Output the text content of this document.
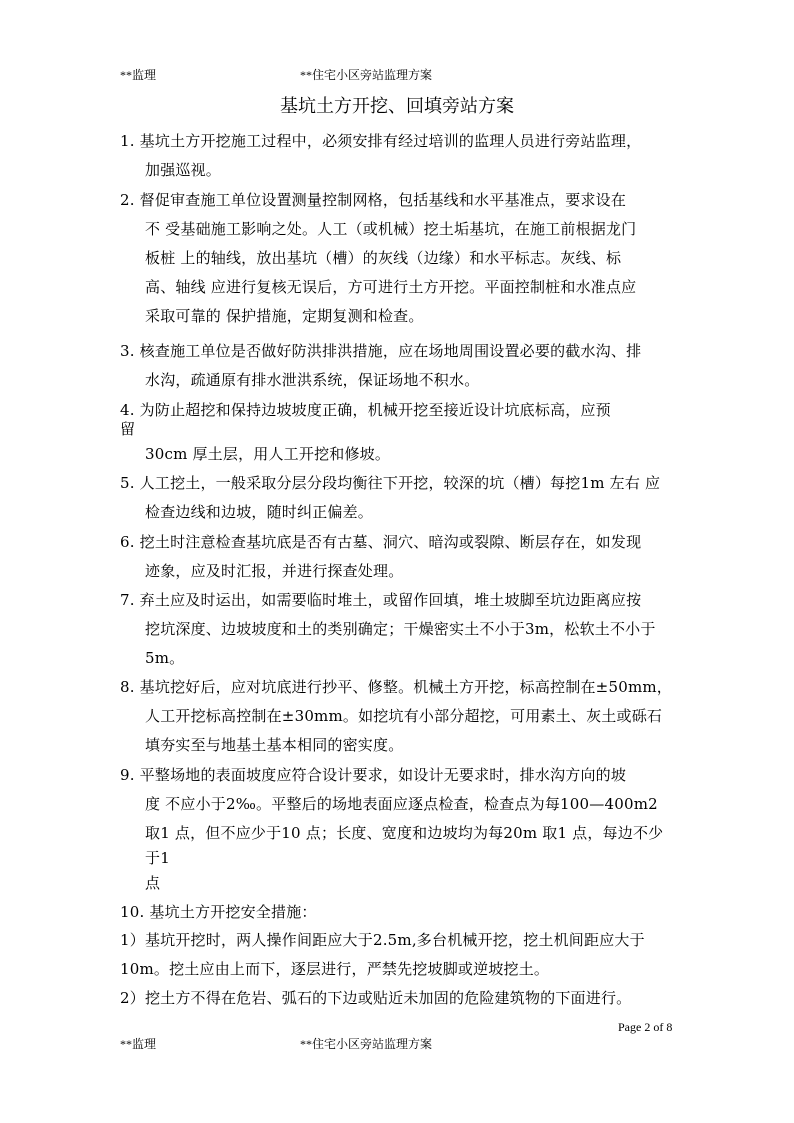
**监理	**住宅小区旁站监理方案
基坑土方开挖、回填旁站方案
1. 基坑土方开挖施工过程中，必须安排有经过培训的监理人员进行旁站监理，
加强巡视。
2. 督促审查施工单位设置测量控制网格，包括基线和水平基准点，要求设在
不 受基础施工影响之处。人工（或机械）挖土垢基坑，在施工前根据龙门
板桩 上的轴线，放出基坑（槽）的灰线（边缘）和水平标志。灰线、标
高、轴线 应进行复核无误后，方可进行土方开挖。平面控制桩和水准点应
采取可靠的 保护措施，定期复测和检查。
3. 核查施工单位是否做好防洪排洪措施，应在场地周围设置必要的截水沟、排
水沟，疏通原有排水泄洪系统，保证场地不积水。
4. 为防止超挖和保持边坡坡度正确，机械开挖至接近设计坑底标高，应预
留
30cm 厚土层，用人工开挖和修坡。
5. 人工挖土，一般采取分层分段均衡往下开挖，较深的坑（槽）每挖1m 左右 应
检查边线和边坡，随时纠正偏差。
6. 挖土时注意检查基坑底是否有古墓、洞穴、暗沟或裂隙、断层存在，如发现
迹象，应及时汇报，并进行探查处理。
7. 弃土应及时运出，如需要临时堆土，或留作回填，堆土坡脚至坑边距离应按
挖坑深度、边坡坡度和土的类别确定；干燥密实土不小于3m，松软土不小于
5m。
8. 基坑挖好后，应对坑底进行抄平、修整。机械土方开挖，标高控制在±50mm，
人工开挖标高控制在±30mm。如挖坑有小部分超挖，可用素土、灰土或砾石
填夯实至与地基土基本相同的密实度。
9. 平整场地的表面坡度应符合设计要求，如设计无要求时，排水沟方向的坡
度 不应小于2‰。平整后的场地表面应逐点检查，检查点为每100—400m2
取1 点，但不应少于10 点；长度、宽度和边坡均为每20m 取1 点，每边不少
于1
点
10. 基坑土方开挖安全措施：
1）基坑开挖时，两人操作间距应大于2.5m,多台机械开挖，挖土机间距应大于
10m。挖土应由上而下，逐层进行，严禁先挖坡脚或逆坡挖土。
2）挖土方不得在危岩、弧石的下边或贴近未加固的危险建筑物的下面进行。
Page 2 of 8
**监理	**住宅小区旁站监理方案
